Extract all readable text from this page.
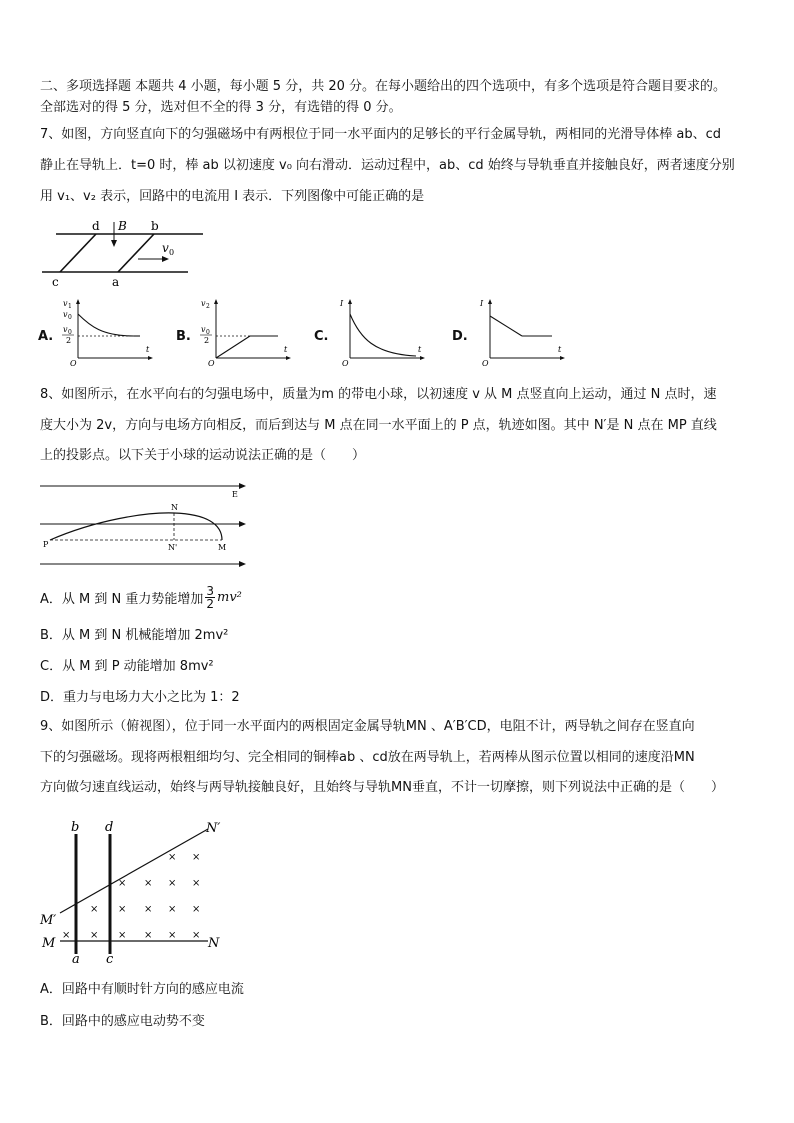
二、多项选择题 本题共 4 小题，每小题 5 分，共 20 分。在每小题给出的四个选项中，有多个选项是符合题目要求的。
全部选对的得 5 分，选对但不全的得 3 分，有选错的得 0 分。
7、如图，方向竖直向下的匀强磁场中有两根位于同一水平面内的足够长的平行金属导轨，两相同的光滑导体棒 ab、cd
静止在导轨上．t=0 时，棒 ab 以初速度 v₀ 向右滑动．运动过程中，ab、cd 始终与导轨垂直并接触良好，两者速度分别
用 v₁、v₂ 表示，回路中的电流用 I 表示．下列图像中可能正确的是
d B b
v 0
c	a
A.
v 1
v 0
v 0
2
O
t
B.
v 2
v 0
2
O
t
C.
I
O
t
D.
I
O
t
8、如图所示，在水平向右的匀强电场中，质量为m 的带电小球，以初速度 v 从 M 点竖直向上运动，通过 N 点时，速
度大小为 2v，方向与电场方向相反，而后到达与 M 点在同一水平面上的 P 点，轨迹如图。其中 N′是 N 点在 MP 直线
上的投影点。以下关于小球的运动说法正确的是（　　）
E
N
P	N'	M
A．从 M 到 N 重力势能增加 $\frac{3}{2} mv^2$
B．从 M 到 N 机械能增加 2mv²
C．从 M 到 P 动能增加 8mv²
D．重力与电场力大小之比为 1：2
9、如图所示（俯视图），位于同一水平面内的两根固定金属导轨MN 、A′B′CD，电阻不计，两导轨之间存在竖直向
下的匀强磁场。现将两根粗细均匀、完全相同的铜棒ab 、cd放在两导轨上，若两棒从图示位置以相同的速度沿MN
方向做匀速直线运动，始终与两导轨接触良好，且始终与导轨MN垂直，不计一切摩擦，则下列说法中正确的是（　　）
× ×
× × × ×
× × × × ×
× × × × × ×
b d	N′
M′
M	N
a c
A．回路中有顺时针方向的感应电流
B．回路中的感应电动势不变
